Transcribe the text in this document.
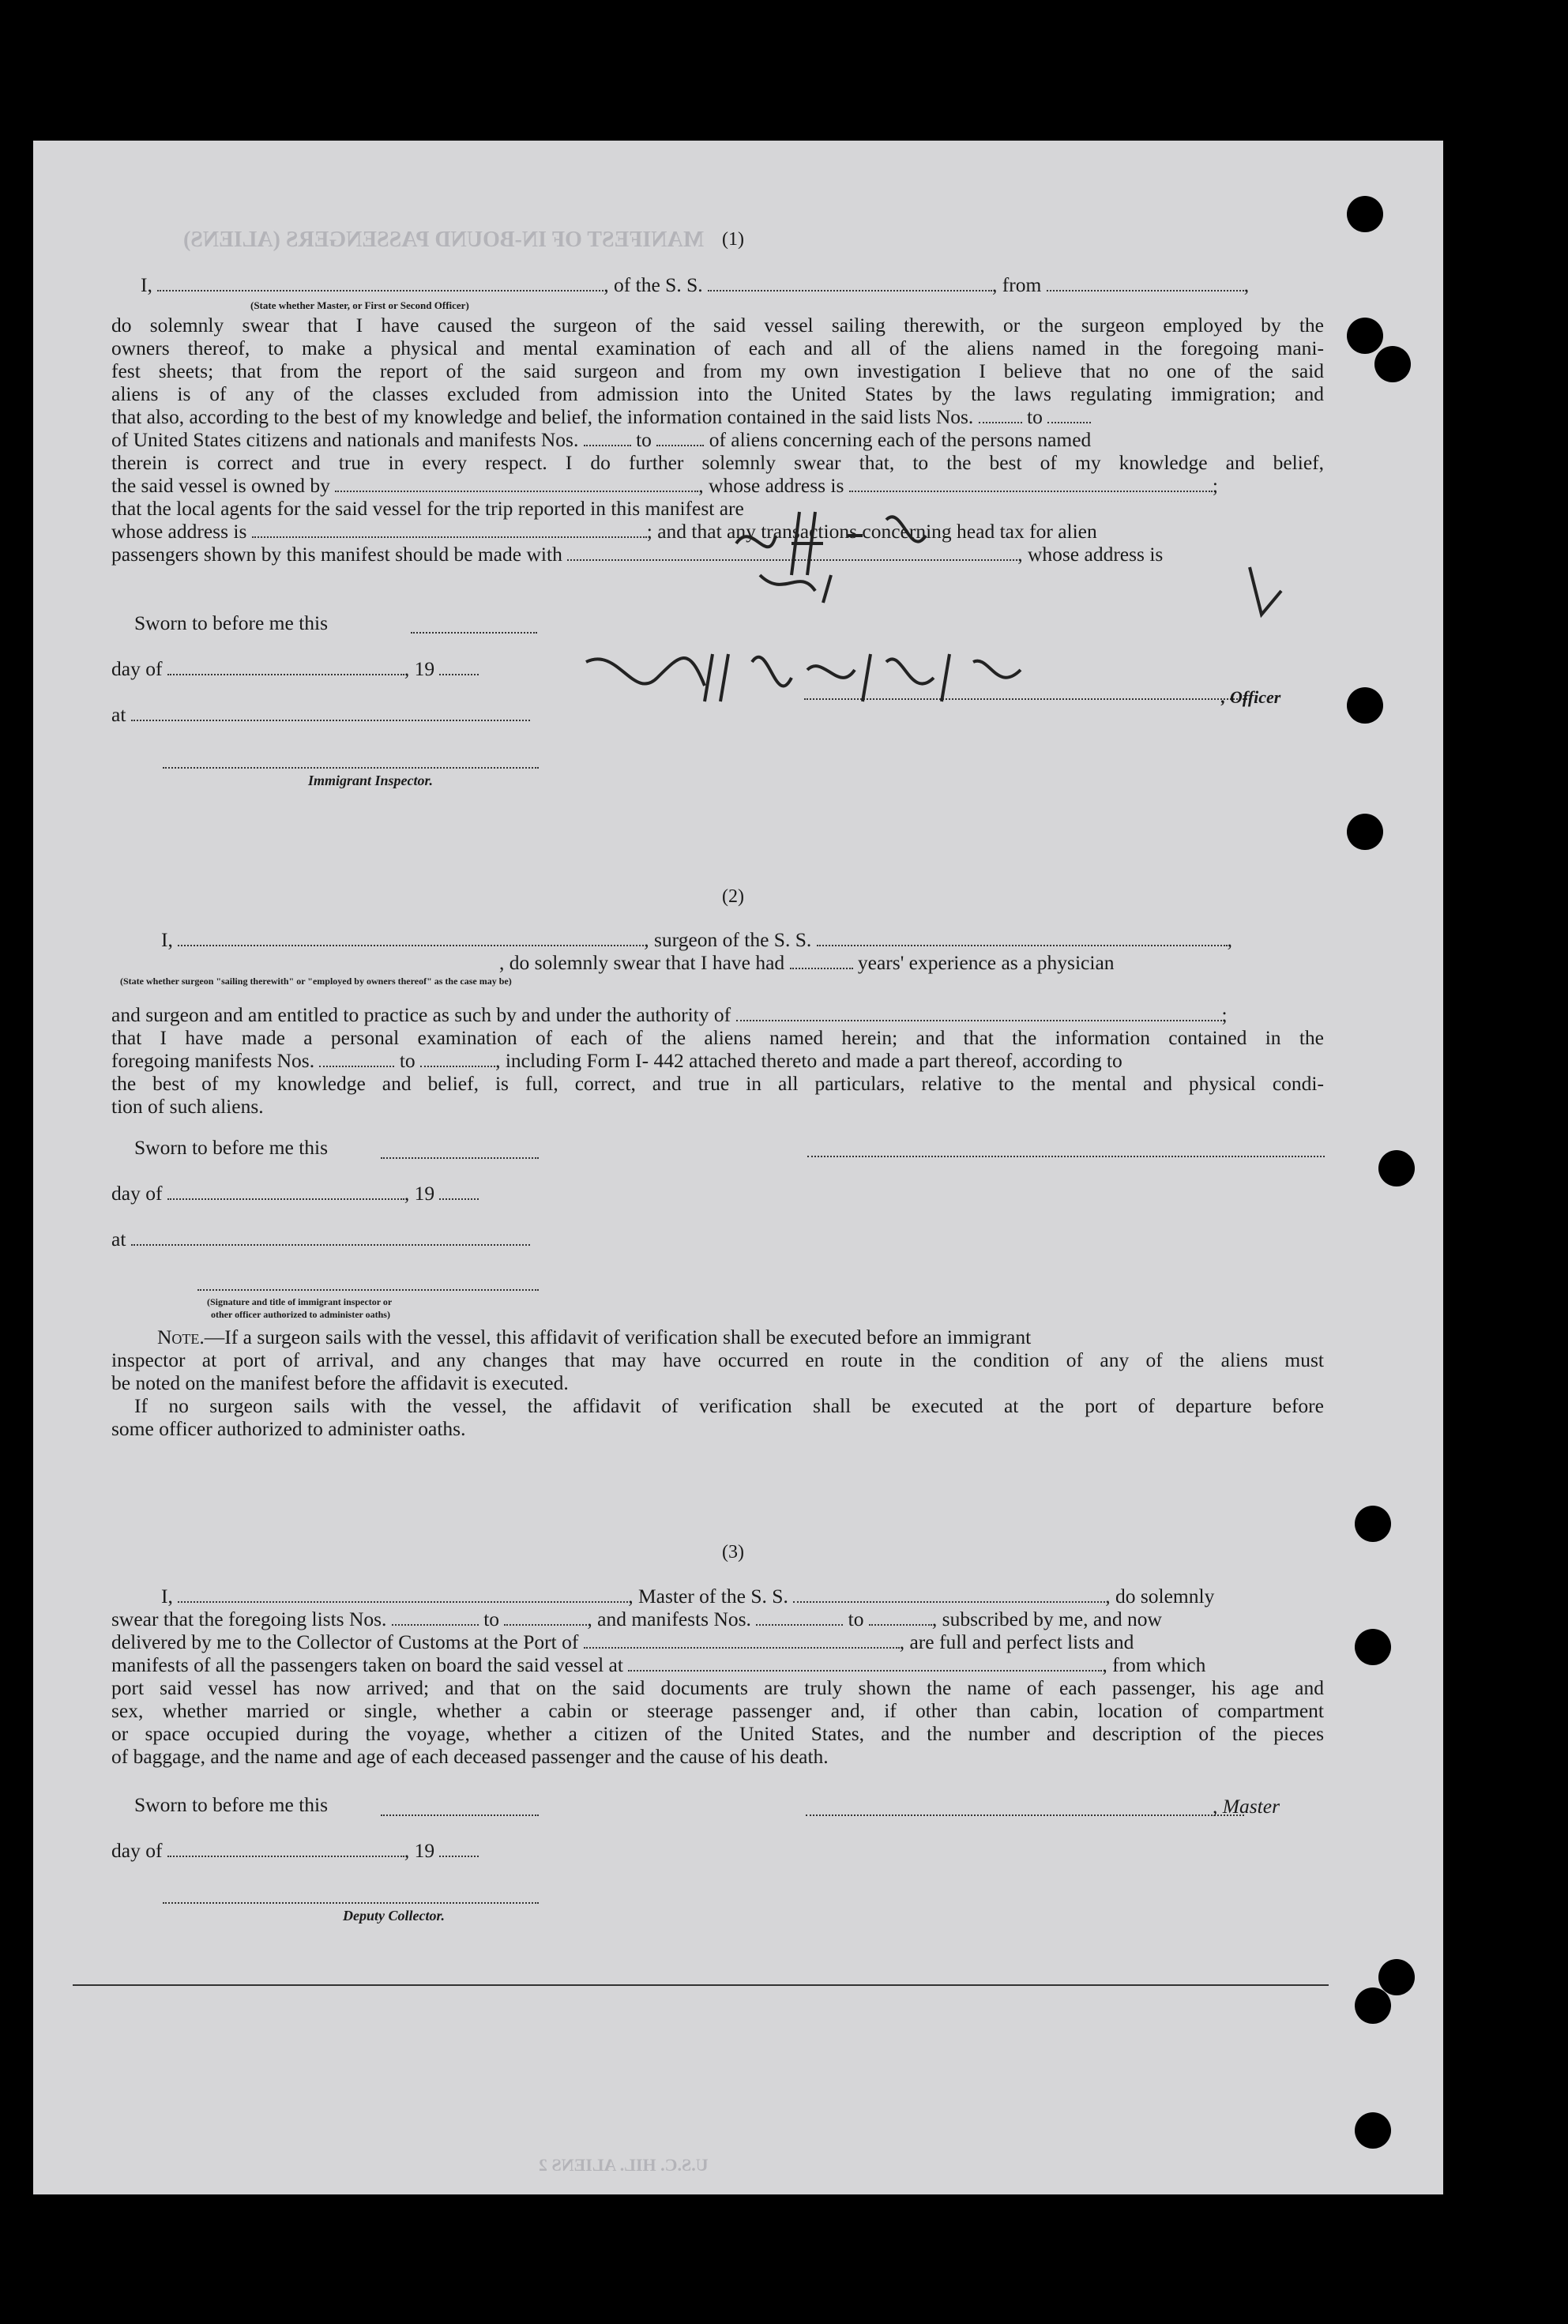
MANIFEST OF IN-BOUND PASSENGERS (ALIENS)
U.S.C. HIL. ALIENS 2
(1)
I,	, of the S. S.	, from	,
(State whether Master, or First or Second Officer)
do solemnly swear that I have caused the surgeon of the said vessel sailing therewith, or the surgeon employed by the
owners thereof, to make a physical and mental examination of each and all of the aliens named in the foregoing mani-
fest sheets; that from the report of the said surgeon and from my own investigation I believe that no one of the said
aliens is of any of the classes excluded from admission into the United States by the laws regulating immigration; and
that also, according to the best of my knowledge and belief, the information contained in the said lists Nos.	to
of United States citizens and nationals and manifests Nos.	to	of aliens concerning each of the persons named
therein is correct and true in every respect. I do further solemnly swear that, to the best of my knowledge and belief,
the said vessel is owned by	, whose address is	;
that the local agents for the said vessel for the trip reported in this manifest are
whose address is	; and that any transactions concerning head tax for alien
passengers shown by this manifest should be made with	, whose address is
Sworn to before me this
day of	, 19
at
Immigrant Inspector.
, Officer
(2)
I,	, surgeon of the S. S.	,
, do solemnly swear that I have had	years' experience as a physician
(State whether surgeon "sailing therewith" or "employed by owners thereof" as the case may be)
and surgeon and am entitled to practice as such by and under the authority of	;
that I have made a personal examination of each of the aliens named herein; and that the information contained in the
foregoing manifests Nos.	to	, including Form I- 442 attached thereto and made a part thereof, according to
the best of my knowledge and belief, is full, correct, and true in all particulars, relative to the mental and physical condi-
tion of such aliens.
Sworn to before me this
day of	, 19
at
(Signature and title of immigrant inspector or
other officer authorized to administer oaths)
Note.—If a surgeon sails with the vessel, this affidavit of verification shall be executed before an immigrant
inspector at port of arrival, and any changes that may have occurred en route in the condition of any of the aliens must
be noted on the manifest before the affidavit is executed.
If no surgeon sails with the vessel, the affidavit of verification shall be executed at the port of departure before
some officer authorized to administer oaths.
(3)
I,	, Master of the S. S.	, do solemnly
swear that the foregoing lists Nos.	to	, and manifests Nos.	to	, subscribed by me, and now
delivered by me to the Collector of Customs at the Port of	, are full and perfect lists and
manifests of all the passengers taken on board the said vessel at	, from which
port said vessel has now arrived; and that on the said documents are truly shown the name of each passenger, his age and
sex, whether married or single, whether a cabin or steerage passenger and, if other than cabin, location of compartment
or space occupied during the voyage, whether a citizen of the United States, and the number and description of the pieces
of baggage, and the name and age of each deceased passenger and the cause of his death.
Sworn to before me this	, Master
day of	, 19
Deputy Collector.
